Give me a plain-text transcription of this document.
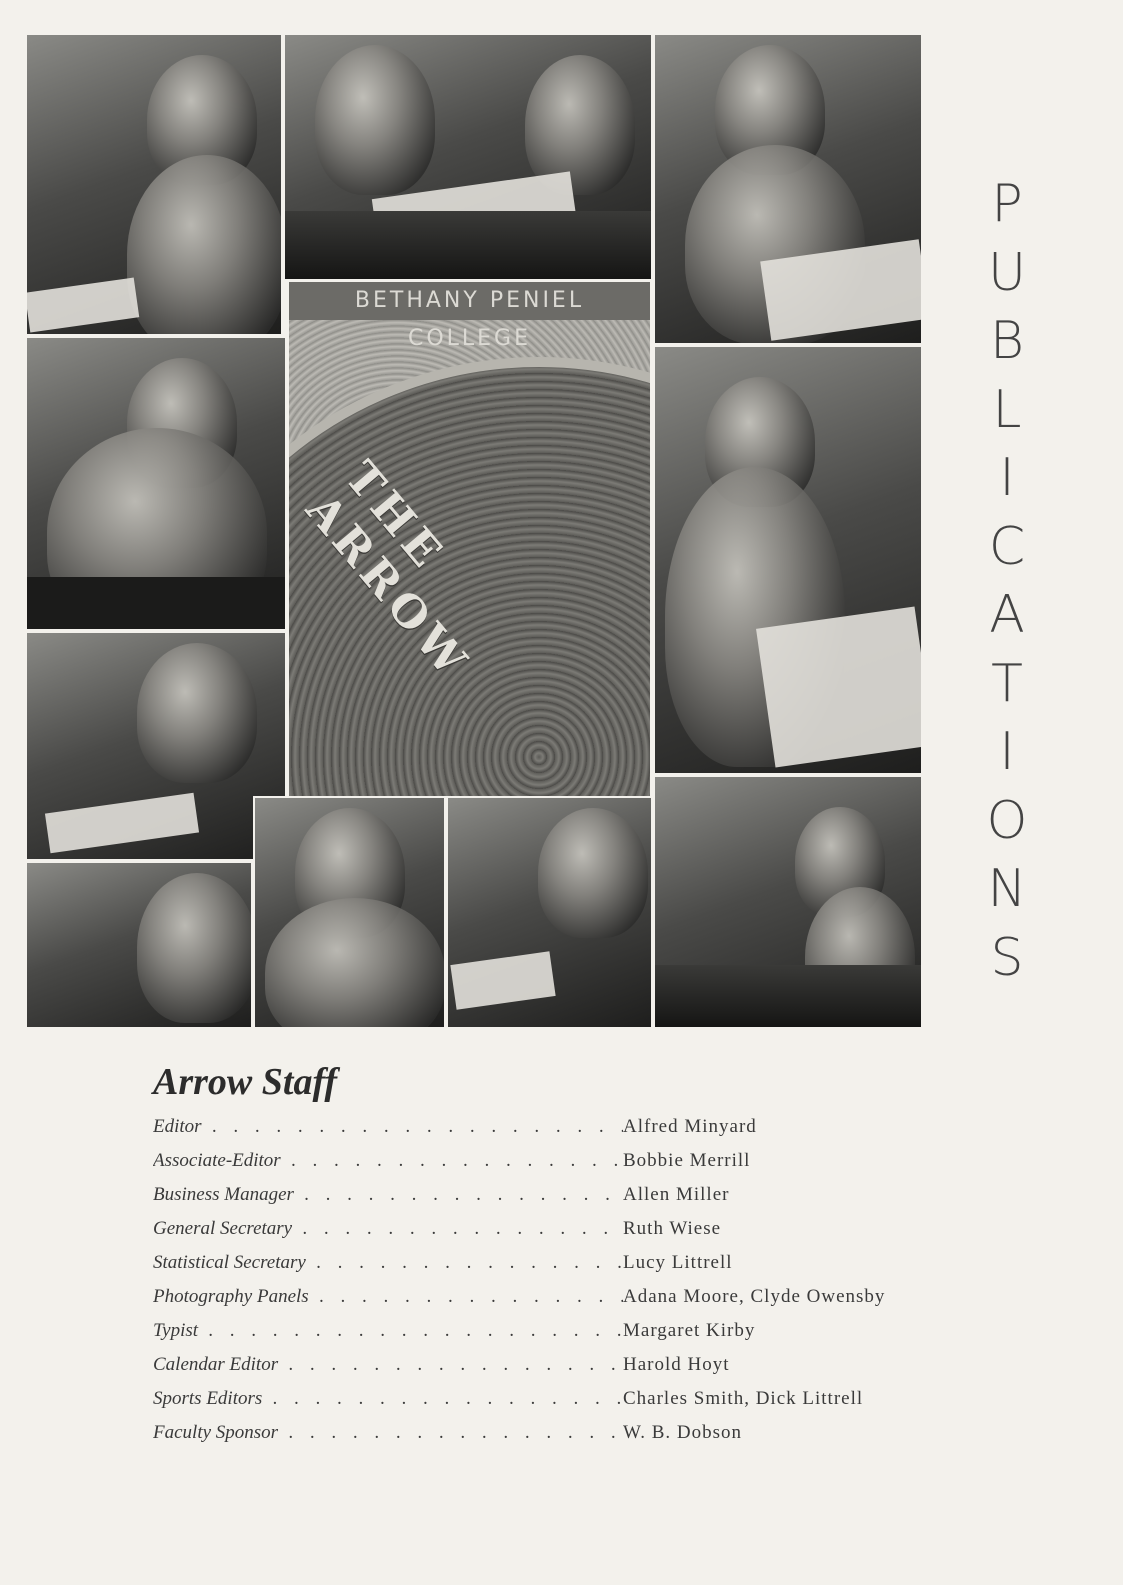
BETHANY PENIEL COLLEGE
THE ARROW
P
U
B
L
I
C
A
T
I
O
N
S
Arrow Staff
Editor . . .	Alfred Minyard
Associate-Editor . . .	Bobbie Merrill
Business Manager . . .	Allen Miller
General Secretary . . .	Ruth Wiese
Statistical Secretary . . .	Lucy Littrell
Photography Panels . . .	Adana Moore, Clyde Owensby
Typist . . .	Margaret Kirby
Calendar Editor . . .	Harold Hoyt
Sports Editors . . .	Charles Smith, Dick Littrell
Faculty Sponsor . . .	W. B. Dobson
